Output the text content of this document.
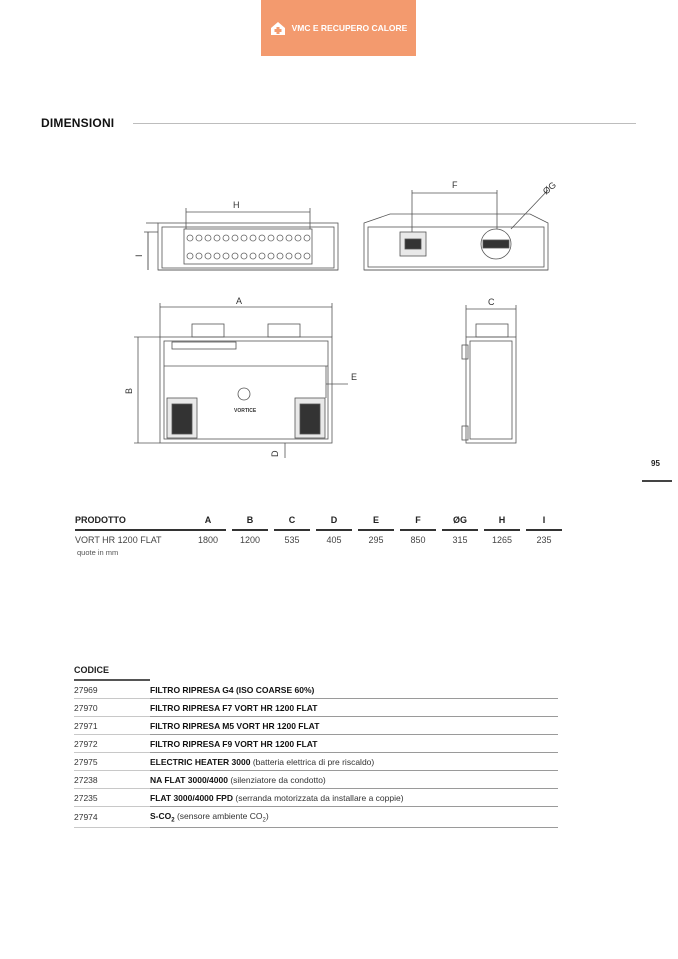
VMC E RECUPERO CALORE
DIMENSIONI
95
H
I
F	ØG
A
B
E
D
C
VORTICE
PRODOTTO	A		B		C		D		E		F		ØG		H		I
VORT HR 1200 FLAT	1800		1200		535		405		295		850		315		1265		235
quote in mm
CODICE	
27969	FILTRO RIPRESA G4 (ISO COARSE 60%)
27970	FILTRO RIPRESA F7 VORT HR 1200 FLAT
27971	FILTRO RIPRESA M5 VORT HR 1200 FLAT
27972	FILTRO RIPRESA F9 VORT HR 1200 FLAT
27975	ELECTRIC HEATER 3000 (batteria elettrica di pre riscaldo)
27238	NA FLAT 3000/4000 (silenziatore da condotto)
27235	FLAT 3000/4000 FPD (serranda motorizzata da installare a coppie)
27974	$S-CO_2$ (sensore ambiente $CO_2$)
